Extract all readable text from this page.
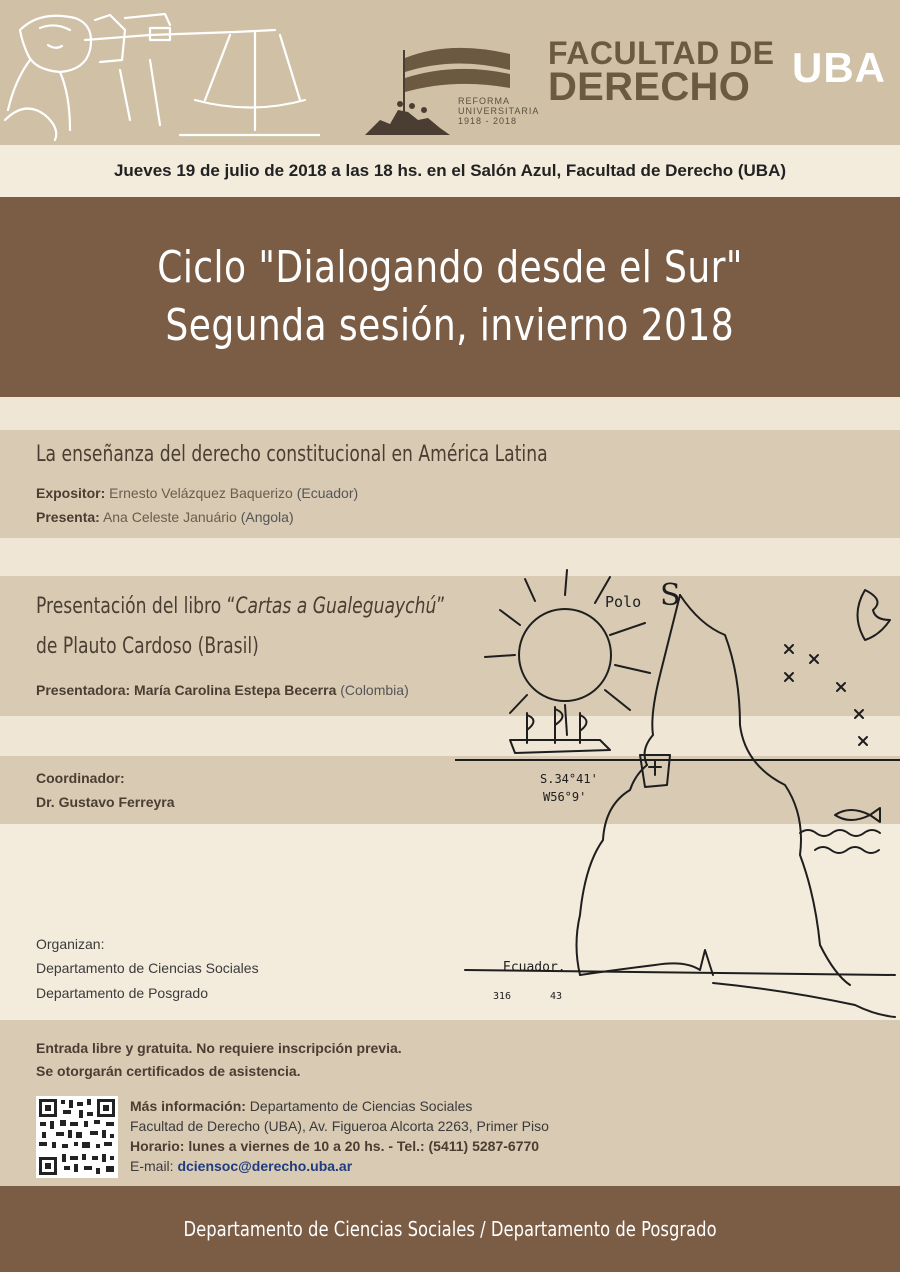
REFORMA
UNIVERSITARIA
1918 - 2018
FACULTAD DE
DERECHO UBA
Jueves 19 de julio de 2018 a las 18 hs. en el Salón Azul, Facultad de Derecho (UBA)
Ciclo "Dialogando desde el Sur"
Segunda sesión, invierno 2018
La enseñanza del derecho constitucional en América Latina
Expositor: Ernesto Velázquez Baquerizo (Ecuador)
Presenta: Ana Celeste Januário (Angola)
Presentación del libro “Cartas a Gualeguaychú”
de Plauto Cardoso (Brasil)
Presentadora: María Carolina Estepa Becerra (Colombia)
Coordinador:
Dr. Gustavo Ferreyra
Organizan:
Departamento de Ciencias Sociales
Departamento de Posgrado
Polo S
S.34°41'
W56°9'
Ecuador.
316	43
Entrada libre y gratuita. No requiere inscripción previa.
Se otorgarán certificados de asistencia.
Más información: Departamento de Ciencias Sociales
Facultad de Derecho (UBA), Av. Figueroa Alcorta 2263, Primer Piso
Horario: lunes a viernes de 10 a 20 hs. - Tel.: (5411) 5287-6770
E-mail: dciensoc@derecho.uba.ar
Departamento de Ciencias Sociales / Departamento de Posgrado
